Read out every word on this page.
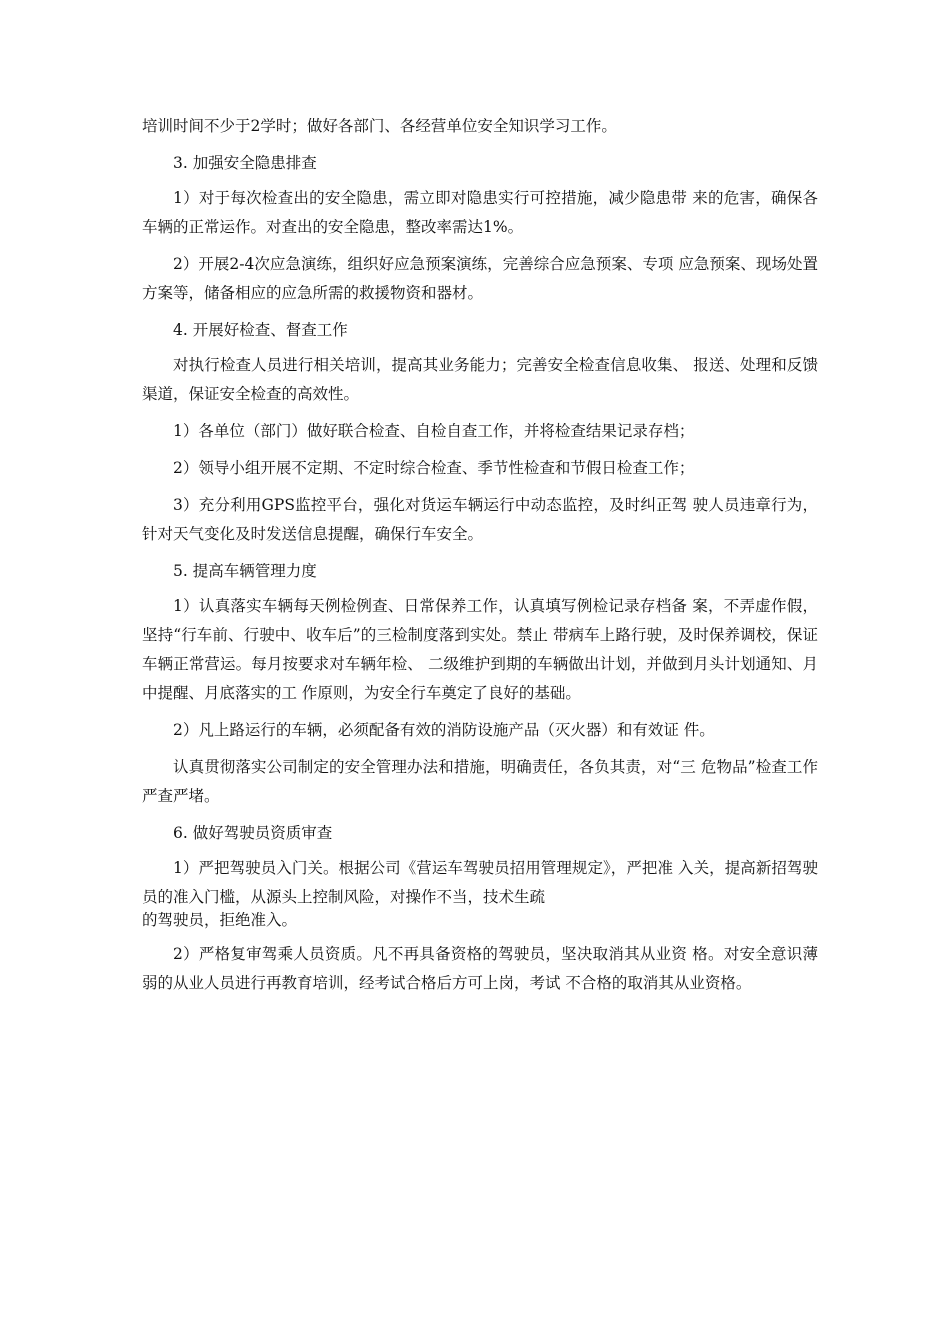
培训时间不少于2学时；做好各部门、各经营单位安全知识学习工作。

3. 加强安全隐患排查

1）对于每次检查出的安全隐患，需立即对隐患实行可控措施，减少隐患带 来的危害，确保各车辆的正常运作。对查出的安全隐患，整改率需达1%。

2）开展2-4次应急演练，组织好应急预案演练，完善综合应急预案、专项 应急预案、现场处置方案等，储备相应的应急所需的救援物资和器材。

4. 开展好检查、督查工作

对执行检查人员进行相关培训，提高其业务能力；完善安全检查信息收集、 报送、处理和反馈渠道，保证安全检查的高效性。

1）各单位（部门）做好联合检查、自检自查工作，并将检查结果记录存档；

2）领导小组开展不定期、不定时综合检查、季节性检查和节假日检查工作；

3）充分利用GPS监控平台，强化对货运车辆运行中动态监控，及时纠正驾 驶人员违章行为，针对天气变化及时发送信息提醒，确保行车安全。

5. 提高车辆管理力度

1）认真落实车辆每天例检例查、日常保养工作，认真填写例检记录存档备 案，不弄虚作假，坚持“行车前、行驶中、收车后”的三检制度落到实处。禁止 带病车上路行驶，及时保养调校，保证车辆正常营运。每月按要求对车辆年检、 二级维护到期的车辆做出计划，并做到月头计划通知、月中提醒、月底落实的工 作原则，为安全行车奠定了良好的基础。

2）凡上路运行的车辆，必须配备有效的消防设施产品（灭火器）和有效证 件。

认真贯彻落实公司制定的安全管理办法和措施，明确责任，各负其责，对“三 危物品”检查工作严查严堵。

6. 做好驾驶员资质审查

1）严把驾驶员入门关。根据公司《营运车驾驶员招用管理规定》，严把准 入关，提高新招驾驶员的准入门槛，从源头上控制风险，对操作不当，技术生疏

的驾驶员，拒绝准入。

2）严格复审驾乘人员资质。凡不再具备资格的驾驶员，坚决取消其从业资 格。对安全意识薄弱的从业人员进行再教育培训，经考试合格后方可上岗，考试 不合格的取消其从业资格。
